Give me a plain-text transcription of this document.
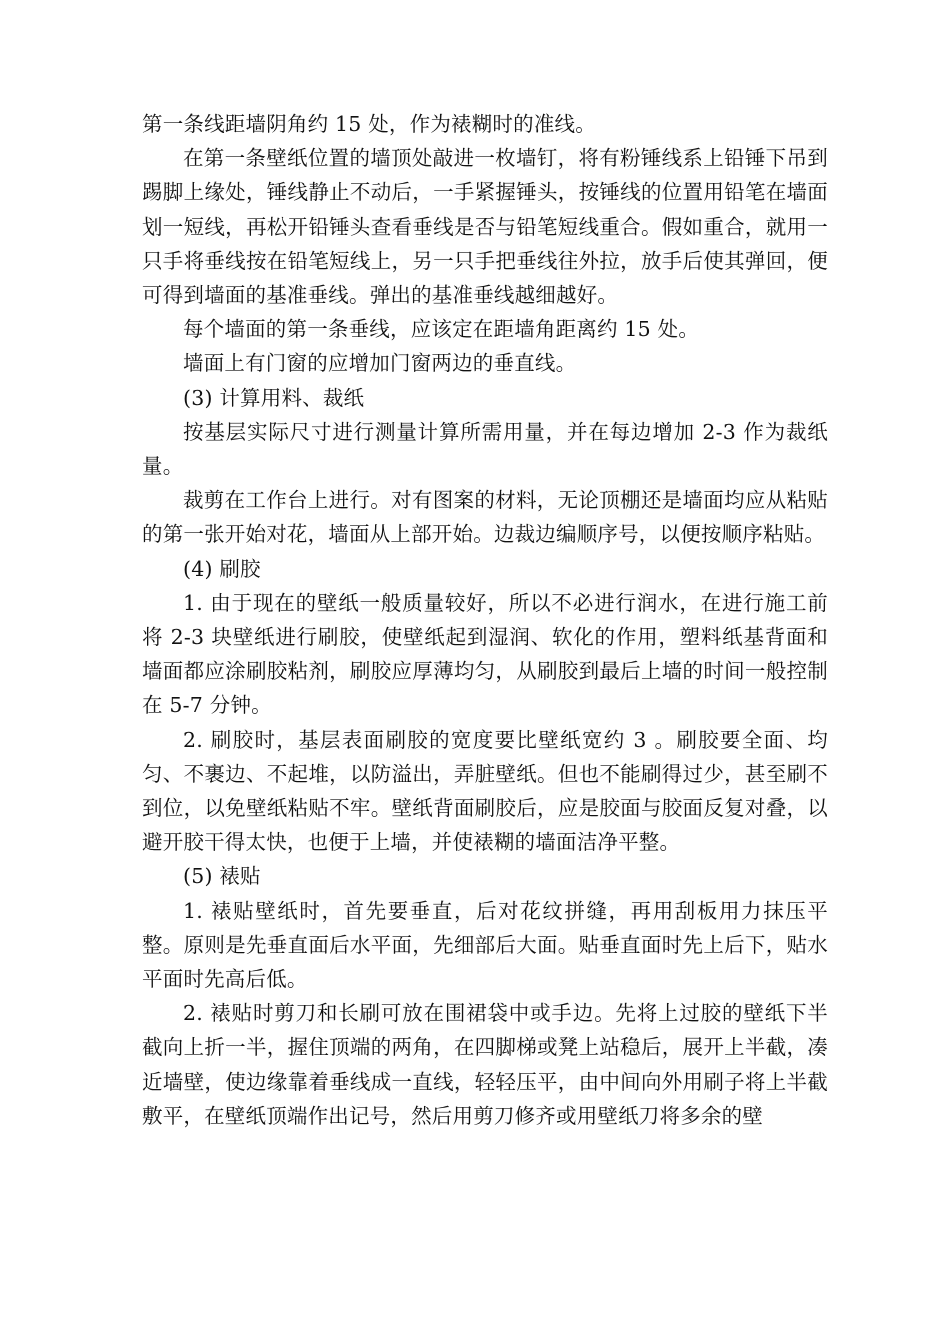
第一条线距墙阴角约 15 处，作为裱糊时的准线。

在第一条壁纸位置的墙顶处敲进一枚墙钉，将有粉锤线系上铅锤下吊到踢脚上缘处，锤线静止不动后，一手紧握锤头，按锤线的位置用铅笔在墙面划一短线，再松开铅锤头查看垂线是否与铅笔短线重合。假如重合，就用一只手将垂线按在铅笔短线上，另一只手把垂线往外拉，放手后使其弹回，便可得到墙面的基准垂线。弹出的基准垂线越细越好。

每个墙面的第一条垂线，应该定在距墙角距离约 15 处。

墙面上有门窗的应增加门窗两边的垂直线。

(3) 计算用料、裁纸

按基层实际尺寸进行测量计算所需用量，并在每边增加 2-3 作为裁纸量。

裁剪在工作台上进行。对有图案的材料，无论顶棚还是墙面均应从粘贴的第一张开始对花，墙面从上部开始。边裁边编顺序号，以便按顺序粘贴。

(4) 刷胶

1. 由于现在的壁纸一般质量较好，所以不必进行润水，在进行施工前将 2-3 块壁纸进行刷胶，使壁纸起到湿润、软化的作用，塑料纸基背面和墙面都应涂刷胶粘剂，刷胶应厚薄均匀，从刷胶到最后上墙的时间一般控制在 5-7 分钟。

2. 刷胶时，基层表面刷胶的宽度要比壁纸宽约 3 。刷胶要全面、均匀、不裹边、不起堆，以防溢出，弄脏壁纸。但也不能刷得过少，甚至刷不到位，以免壁纸粘贴不牢。壁纸背面刷胶后，应是胶面与胶面反复对叠，以避开胶干得太快，也便于上墙，并使裱糊的墙面洁净平整。

(5) 裱贴

1. 裱贴壁纸时，首先要垂直，后对花纹拼缝，再用刮板用力抹压平整。原则是先垂直面后水平面，先细部后大面。贴垂直面时先上后下，贴水平面时先高后低。

2. 裱贴时剪刀和长刷可放在围裙袋中或手边。先将上过胶的壁纸下半截向上折一半，握住顶端的两角，在四脚梯或凳上站稳后，展开上半截，凑近墙壁，使边缘靠着垂线成一直线，轻轻压平，由中间向外用刷子将上半截敷平，在壁纸顶端作出记号，然后用剪刀修齐或用壁纸刀将多余的壁
